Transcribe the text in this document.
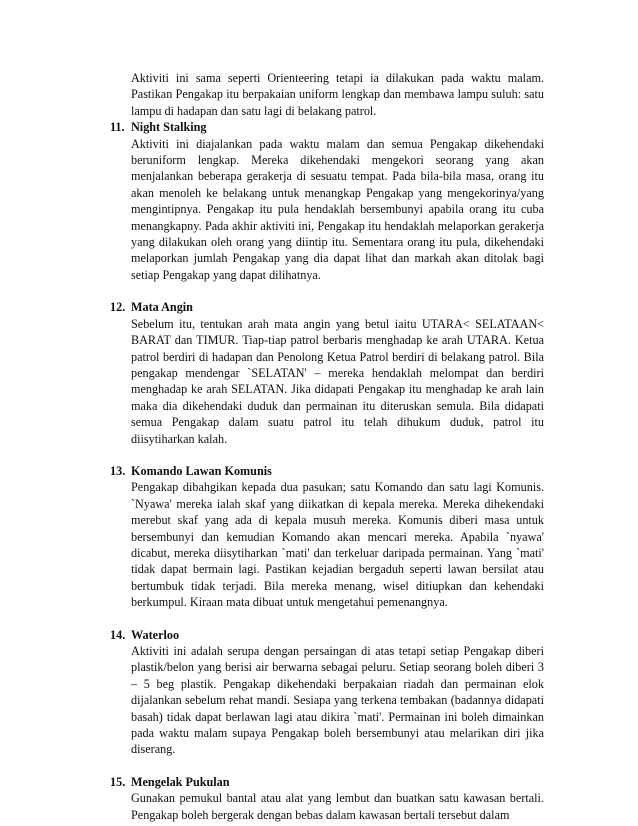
Aktiviti ini sama seperti Orienteering tetapi ia dilakukan pada waktu malam. Pastikan Pengakap itu berpakaian uniform lengkap dan membawa lampu suluh: satu lampu di hadapan dan satu lagi di belakang patrol.

11. Night Stalking

Aktiviti ini diajalankan pada waktu malam dan semua Pengakap dikehendaki beruniform lengkap. Mereka dikehendaki mengekori seorang yang akan menjalankan beberapa gerakerja di sesuatu tempat. Pada bila-bila masa, orang itu akan menoleh ke belakang untuk menangkap Pengakap yang mengekorinya/yang mengintipnya. Pengakap itu pula hendaklah bersembunyi apabila orang itu cuba menangkapny. Pada akhir aktiviti ini, Pengakap itu hendaklah melaporkan gerakerja yang dilakukan oleh orang yang diintip itu. Sementara orang itu pula, dikehendaki melaporkan jumlah Pengakap yang dia dapat lihat dan markah akan ditolak bagi setiap Pengakap yang dapat dilihatnya.

12. Mata Angin

Sebelum itu, tentukan arah mata angin yang betul iaitu UTARA< SELATAAN< BARAT dan TIMUR. Tiap-tiap patrol berbaris menghadap ke arah UTARA. Ketua patrol berdiri di hadapan dan Penolong Ketua Patrol berdiri di belakang patrol. Bila pengakap mendengar `SELATAN' – mereka hendaklah melompat dan berdiri menghadap ke arah SELATAN. Jika didapati Pengakap itu menghadap ke arah lain maka dia dikehendaki duduk dan permainan itu diteruskan semula. Bila didapati semua Pengakap dalam suatu patrol itu telah dihukum duduk, patrol itu diisytiharkan kalah.

13. Komando Lawan Komunis

Pengakap dibahgikan kepada dua pasukan; satu Komando dan satu lagi Komunis. `Nyawa' mereka ialah skaf yang diikatkan di kepala mereka. Mereka dihekendaki merebut skaf yang ada di kepala musuh mereka. Komunis diberi masa untuk bersembunyi dan kemudian Komando akan mencari mereka. Apabila `nyawa' dicabut, mereka diisytiharkan `mati' dan terkeluar daripada permainan. Yang `mati' tidak dapat bermain lagi. Pastikan kejadian bergaduh seperti lawan bersilat atau bertumbuk tidak terjadi. Bila mereka menang, wisel ditiupkan dan kehendaki berkumpul. Kiraan mata dibuat untuk mengetahui pemenangnya.

14. Waterloo

Aktiviti ini adalah serupa dengan persaingan di atas tetapi setiap Pengakap diberi plastik/belon yang berisi air berwarna sebagai peluru. Setiap seorang boleh diberi 3 – 5 beg plastik. Pengakap dikehendaki berpakaian riadah dan permainan elok dijalankan sebelum rehat mandi. Sesiapa yang terkena tembakan (badannya didapati basah) tidak dapat berlawan lagi atau dikira `mati'. Permainan ini boleh dimainkan pada waktu malam supaya Pengakap boleh bersembunyi atau melarikan diri jika diserang.

15. Mengelak Pukulan

Gunakan pemukul bantal atau alat yang lembut dan buatkan satu kawasan bertali. Pengakap boleh bergerak dengan bebas dalam kawasan bertali tersebut dalam
